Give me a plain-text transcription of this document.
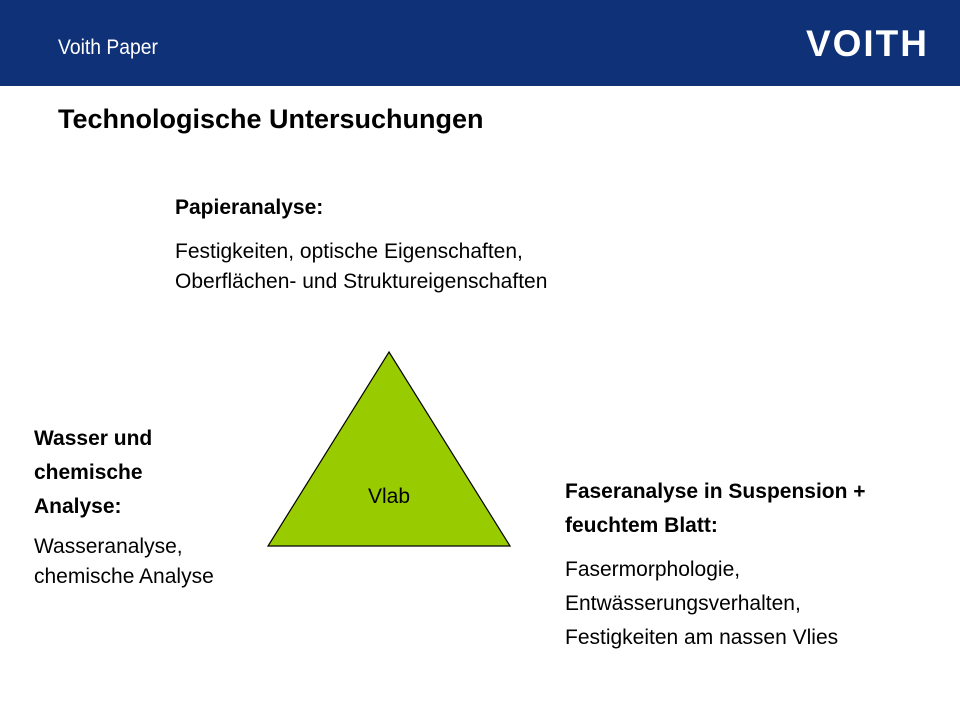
Voith Paper	VOITH
Technologische Untersuchungen
Papieranalyse:
Festigkeiten, optische Eigenschaften,
Oberflächen- und Struktureigenschaften
Vlab
Wasser und
chemische
Analyse:
Wasseranalyse,
chemische Analyse
Faseranalyse in Suspension +
feuchtem Blatt:
Fasermorphologie,
Entwässerungsverhalten,
Festigkeiten am nassen Vlies
